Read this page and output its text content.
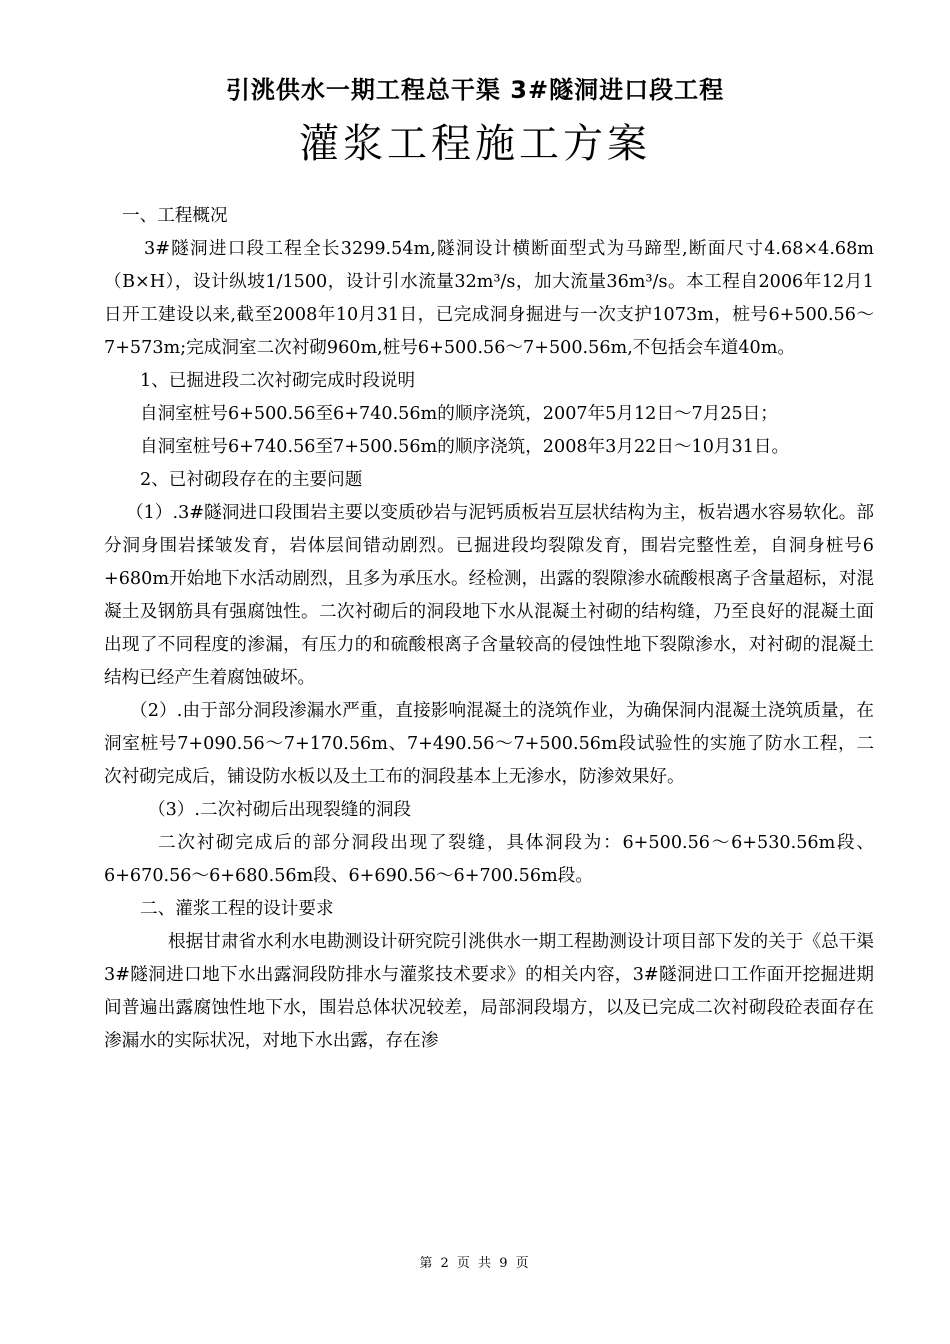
引洮供水一期工程总干渠 3#隧洞进口段工程
灌浆工程施工方案

一、工程概况

3#隧洞进口段工程全长3299.54m,隧洞设计横断面型式为马蹄型,断面尺寸4.68×4.68m（B×H），设计纵坡1/1500，设计引水流量32m³/s，加大流量36m³/s。本工程自2006年12月1日开工建设以来,截至2008年10月31日，已完成洞身掘进与一次支护1073m，桩号6+500.56～7+573m;完成洞室二次衬砌960m,桩号6+500.56～7+500.56m,不包括会车道40m。

1、已掘进段二次衬砌完成时段说明

自洞室桩号6+500.56至6+740.56m的顺序浇筑，2007年5月12日～7月25日；

自洞室桩号6+740.56至7+500.56m的顺序浇筑，2008年3月22日～10月31日。

2、已衬砌段存在的主要问题

（1）.3#隧洞进口段围岩主要以变质砂岩与泥钙质板岩互层状结构为主，板岩遇水容易软化。部分洞身围岩揉皱发育，岩体层间错动剧烈。已掘进段均裂隙发育，围岩完整性差，自洞身桩号6 +680m开始地下水活动剧烈，且多为承压水。经检测，出露的裂隙渗水硫酸根离子含量超标，对混凝土及钢筋具有强腐蚀性。二次衬砌后的洞段地下水从混凝土衬砌的结构缝，乃至良好的混凝土面出现了不同程度的渗漏，有压力的和硫酸根离子含量较高的侵蚀性地下裂隙渗水，对衬砌的混凝土结构已经产生着腐蚀破坏。

（2）.由于部分洞段渗漏水严重，直接影响混凝土的浇筑作业，为确保洞内混凝土浇筑质量，在洞室桩号7+090.56～7+170.56m、7+490.56～7+500.56m段试验性的实施了防水工程，二次衬砌完成后，铺设防水板以及土工布的洞段基本上无渗水，防渗效果好。

（3）.二次衬砌后出现裂缝的洞段

二次衬砌完成后的部分洞段出现了裂缝，具体洞段为：6+500.56～6+530.56m段、6+670.56～6+680.56m段、6+690.56～6+700.56m段。

二、灌浆工程的设计要求

根据甘肃省水利水电勘测设计研究院引洮供水一期工程勘测设计项目部下发的关于《总干渠3#隧洞进口地下水出露洞段防排水与灌浆技术要求》的相关内容，3#隧洞进口工作面开挖掘进期间普遍出露腐蚀性地下水，围岩总体状况较差，局部洞段塌方，以及已完成二次衬砌段砼表面存在渗漏水的实际状况，对地下水出露，存在渗

第 2 页 共 9 页
